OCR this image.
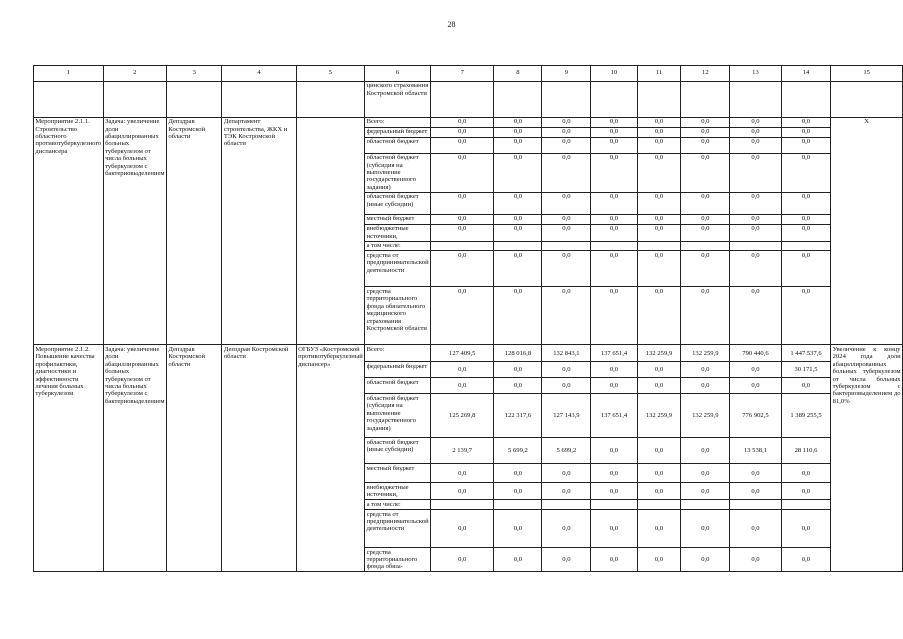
28
1	2	3	4	5	6	7	8	9	10	11	12	13	14	15
					цинского страхования Костромской области									
Мероприятие 2.1.1. Строительство областного противотуберкулезного диспансера	Задача: увеличение доли абациллированных больных туберкулезом от числа больных туберкулезом с бактериовыделением	Депздрав Костромской области	Департамент строительства, ЖКХ и ТЭК Костромской области		Всего:	0,0	0,0	0,0	0,0	0,0	0,0	0,0	0,0	Х
					федеральный бюджет	0,0	0,0	0,0	0,0	0,0	0,0	0,0	0,0	
					областной бюджет	0,0	0,0	0,0	0,0	0,0	0,0	0,0	0,0	
					областной бюджет (субсидия на выполнение государственного задания)	0,0	0,0	0,0	0,0	0,0	0,0	0,0	0,0	
					областной бюджет (иные субсидии)	0,0	0,0	0,0	0,0	0,0	0,0	0,0	0,0	
					местный бюджет	0,0	0,0	0,0	0,0	0,0	0,0	0,0	0,0	
					внебюджетные источники,	0,0	0,0	0,0	0,0	0,0	0,0	0,0	0,0	
					а том числе:									
					средства от предпринимательской деятельности	0,0	0,0	0,0	0,0	0,0	0,0	0,0	0,0	
					средства территориального фонда обязательного медицинского страхования Костромской области	0,0	0,0	0,0	0,0	0,0	0,0	0,0	0,0	
Мероприятие 2.1.2. Повышение качества профилактики, диагностики и эффективности лечения больных туберкулезом	Задача: увеличение доли абациллированных больных туберкулезом от числа больных туберкулезом с бактериовыделением	Депздрав Костромской области	Депздрав Костромской области	ОГБУЗ «Костромской противотуберкулезный диспансер»	Всего:	127 409,5	128 016,8	132 843,1	137 651,4	132 259,9	132 259,9	790 440,6	1 447 537,6	Увеличение к концу 2024 года доли абациллированных больных туберкулезом от числа больных туберкулезом с бактериовыделением до 81,0%
					федеральный бюджет	0,0	0,0	0,0	0,0	0,0	0,0	0,0	30 171,5	
					областной бюджет	0,0	0,0	0,0	0,0	0,0	0,0	0,0	0,0	
					областной бюджет (субсидия на выполнение государственного задания)	125 269,8	122 317,6	127 143,9	137 651,4	132 259,9	132 259,9	776 902,5	1 389 255,5	
					областной бюджет (иные субсидии)	2 139,7	5 699,2	5 699,2	0,0	0,0	0,0	13 538,1	28 110,6	
					местный бюджет	0,0	0,0	0,0	0,0	0,0	0,0	0,0	0,0	
					внебюджетные источники,	0,0	0,0	0,0	0,0	0,0	0,0	0,0	0,0	
					а том числе:									
					средства от предпринимательской деятельности	0,0	0,0	0,0	0,0	0,0	0,0	0,0	0,0	
					средства территориального фонда обяза-	0,0	0,0	0,0	0,0	0,0	0,0	0,0	0,0	
